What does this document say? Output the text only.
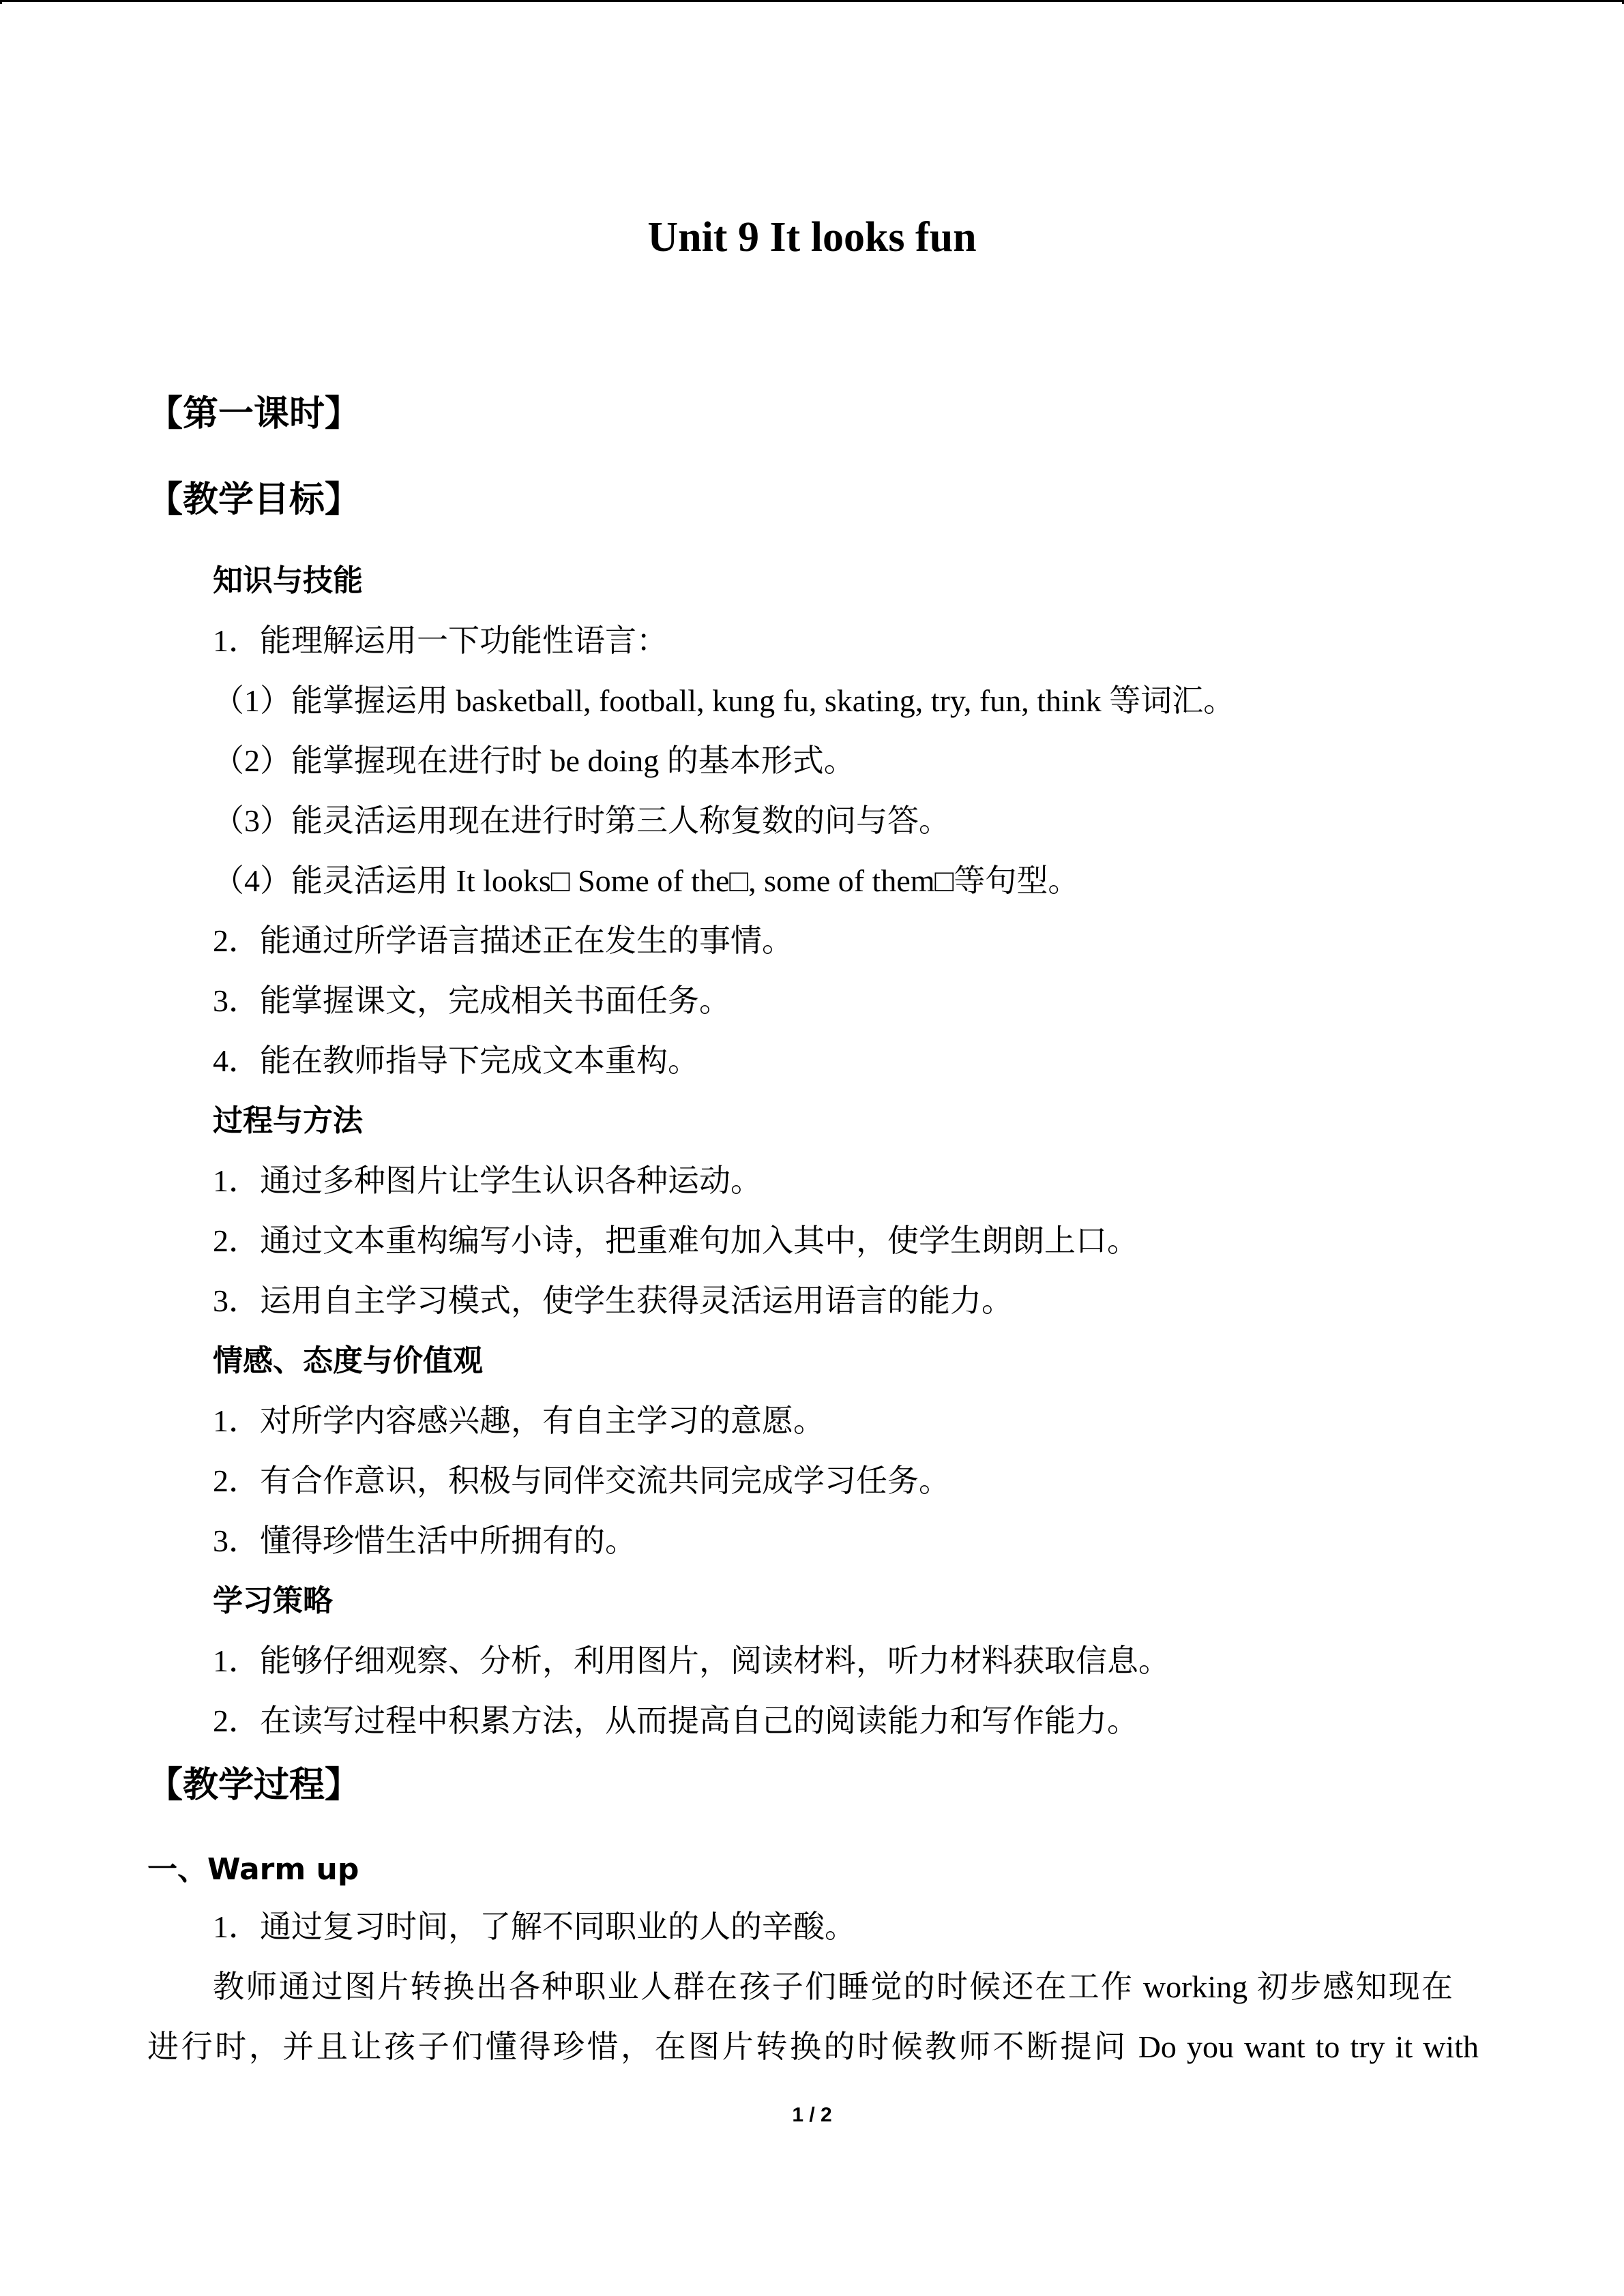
Unit 9 It looks fun
【第一课时】
【教学目标】
知识与技能
1．能理解运用一下功能性语言：
（1）能掌握运用 basketball, football, kung fu, skating, try, fun, think 等词汇。
（2）能掌握现在进行时 be doing 的基本形式。
（3）能灵活运用现在进行时第三人称复数的问与答。
（4）能灵活运用 It looks□ Some of the□, some of them□等句型。
2．能通过所学语言描述正在发生的事情。
3．能掌握课文，完成相关书面任务。
4．能在教师指导下完成文本重构。
过程与方法
1．通过多种图片让学生认识各种运动。
2．通过文本重构编写小诗，把重难句加入其中，使学生朗朗上口。
3．运用自主学习模式，使学生获得灵活运用语言的能力。
情感、态度与价值观
1．对所学内容感兴趣，有自主学习的意愿。
2．有合作意识，积极与同伴交流共同完成学习任务。
3．懂得珍惜生活中所拥有的。
学习策略
1．能够仔细观察、分析，利用图片，阅读材料，听力材料获取信息。
2．在读写过程中积累方法，从而提高自己的阅读能力和写作能力。
【教学过程】
一、Warm up
1．通过复习时间，了解不同职业的人的辛酸。
教师通过图片转换出各种职业人群在孩子们睡觉的时候还在工作 working 初步感知现在
进行时，并且让孩子们懂得珍惜，在图片转换的时候教师不断提问 Do you want to try it with
1 / 2
